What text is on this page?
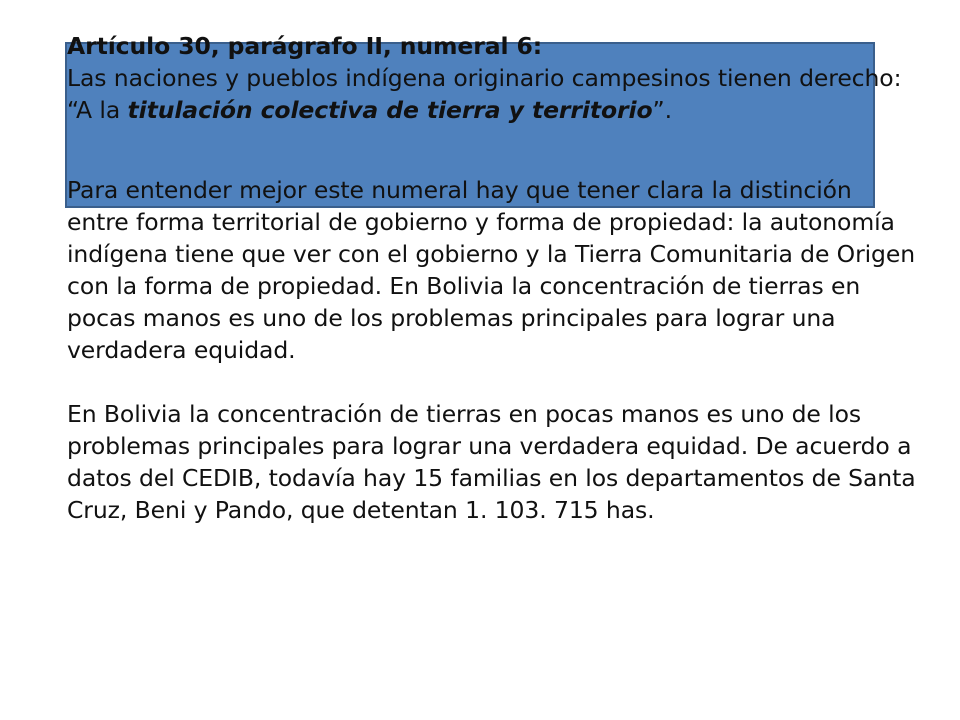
Artículo 30, parágrafo II, numeral 6:

Las naciones y pueblos indígena originario campesinos tienen derecho:

“A la titulación colectiva de tierra y territorio”.

Para entender mejor este numeral hay que tener clara la distinción entre forma territorial de gobierno y forma de propiedad: la autonomía indígena tiene que ver con el gobierno y la Tierra Comunitaria de Origen con la forma de propiedad. En Bolivia la concentración de tierras en pocas manos es uno de los problemas principales para lograr una verdadera equidad.

En Bolivia la concentración de tierras en pocas manos es uno de los problemas principales para lograr una verdadera equidad. De acuerdo a datos del CEDIB, todavía hay 15 familias en los departamentos de Santa Cruz, Beni y Pando, que detentan 1. 103. 715 has.
